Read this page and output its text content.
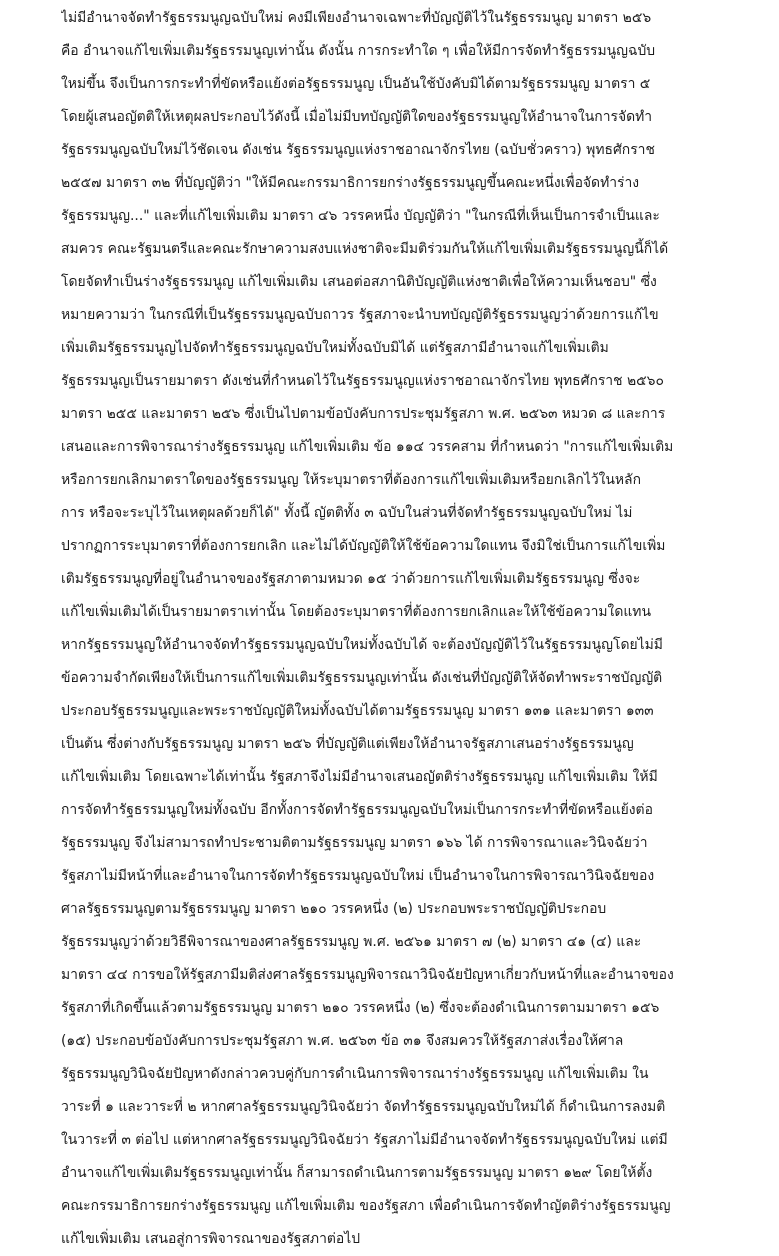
ไม่มีอำนาจจัดทำรัฐธรรมนูญฉบับใหม่ คงมีเพียงอำนาจเฉพาะที่บัญญัติไว้ในรัฐธรรมนูญ มาตรา ๒๕๖
คือ อำนาจแก้ไขเพิ่มเติมรัฐธรรมนูญเท่านั้น ดังนั้น การกระทำใด ๆ เพื่อให้มีการจัดทำรัฐธรรมนูญฉบับ
ใหม่ขึ้น จึงเป็นการกระทำที่ขัดหรือแย้งต่อรัฐธรรมนูญ เป็นอันใช้บังคับมิได้ตามรัฐธรรมนูญ มาตรา ๕
โดยผู้เสนอญัตติให้เหตุผลประกอบไว้ดังนี้ เมื่อไม่มีบทบัญญัติใดของรัฐธรรมนูญให้อำนาจในการจัดทำ
รัฐธรรมนูญฉบับใหม่ไว้ชัดเจน ดังเช่น รัฐธรรมนูญแห่งราชอาณาจักรไทย (ฉบับชั่วคราว) พุทธศักราช
๒๕๕๗ มาตรา ๓๒ ที่บัญญัติว่า "ให้มีคณะกรรมาธิการยกร่างรัฐธรรมนูญขึ้นคณะหนึ่งเพื่อจัดทำร่าง
รัฐธรรมนูญ..." และที่แก้ไขเพิ่มเติม มาตรา ๔๖ วรรคหนึ่ง บัญญัติว่า "ในกรณีที่เห็นเป็นการจำเป็นและ
สมควร คณะรัฐมนตรีและคณะรักษาความสงบแห่งชาติจะมีมติร่วมกันให้แก้ไขเพิ่มเติมรัฐธรรมนูญนี้ก็ได้
โดยจัดทำเป็นร่างรัฐธรรมนูญ แก้ไขเพิ่มเติม เสนอต่อสภานิติบัญญัติแห่งชาติเพื่อให้ความเห็นชอบ" ซึ่ง
หมายความว่า ในกรณีที่เป็นรัฐธรรมนูญฉบับถาวร รัฐสภาจะนำบทบัญญัติรัฐธรรมนูญว่าด้วยการแก้ไข
เพิ่มเติมรัฐธรรมนูญไปจัดทำรัฐธรรมนูญฉบับใหม่ทั้งฉบับมิได้ แต่รัฐสภามีอำนาจแก้ไขเพิ่มเติม
รัฐธรรมนูญเป็นรายมาตรา ดังเช่นที่กำหนดไว้ในรัฐธรรมนูญแห่งราชอาณาจักรไทย พุทธศักราช ๒๕๖๐
มาตรา ๒๕๕ และมาตรา ๒๕๖ ซึ่งเป็นไปตามข้อบังคับการประชุมรัฐสภา พ.ศ. ๒๕๖๓ หมวด ๘ และการ
เสนอและการพิจารณาร่างรัฐธรรมนูญ แก้ไขเพิ่มเติม ข้อ ๑๑๔ วรรคสาม ที่กำหนดว่า "การแก้ไขเพิ่มเติม
หรือการยกเลิกมาตราใดของรัฐธรรมนูญ ให้ระบุมาตราที่ต้องการแก้ไขเพิ่มเติมหรือยกเลิกไว้ในหลัก
การ หรือจะระบุไว้ในเหตุผลด้วยก็ได้" ทั้งนี้ ญัตติทั้ง ๓ ฉบับในส่วนที่จัดทำรัฐธรรมนูญฉบับใหม่ ไม่
ปรากฏการระบุมาตราที่ต้องการยกเลิก และไม่ได้บัญญัติให้ใช้ข้อความใดแทน จึงมิใช่เป็นการแก้ไขเพิ่ม
เติมรัฐธรรมนูญที่อยู่ในอำนาจของรัฐสภาตามหมวด ๑๕ ว่าด้วยการแก้ไขเพิ่มเติมรัฐธรรมนูญ ซึ่งจะ
แก้ไขเพิ่มเติมได้เป็นรายมาตราเท่านั้น โดยต้องระบุมาตราที่ต้องการยกเลิกและให้ใช้ข้อความใดแทน
หากรัฐธรรมนูญให้อำนาจจัดทำรัฐธรรมนูญฉบับใหม่ทั้งฉบับได้ จะต้องบัญญัติไว้ในรัฐธรรมนูญโดยไม่มี
ข้อความจำกัดเพียงให้เป็นการแก้ไขเพิ่มเติมรัฐธรรมนูญเท่านั้น ดังเช่นที่บัญญัติให้จัดทำพระราชบัญญัติ
ประกอบรัฐธรรมนูญและพระราชบัญญัติใหม่ทั้งฉบับได้ตามรัฐธรรมนูญ มาตรา ๑๓๑ และมาตรา ๑๓๓
เป็นต้น ซึ่งต่างกับรัฐธรรมนูญ มาตรา ๒๕๖ ที่บัญญัติแต่เพียงให้อำนาจรัฐสภาเสนอร่างรัฐธรรมนูญ
แก้ไขเพิ่มเติม โดยเฉพาะได้เท่านั้น รัฐสภาจึงไม่มีอำนาจเสนอญัตติร่างรัฐธรรมนูญ แก้ไขเพิ่มเติม ให้มี
การจัดทำรัฐธรรมนูญใหม่ทั้งฉบับ อีกทั้งการจัดทำรัฐธรรมนูญฉบับใหม่เป็นการกระทำที่ขัดหรือแย้งต่อ
รัฐธรรมนูญ จึงไม่สามารถทำประชามติตามรัฐธรรมนูญ มาตรา ๑๖๖ ได้ การพิจารณาและวินิจฉัยว่า
รัฐสภาไม่มีหน้าที่และอำนาจในการจัดทำรัฐธรรมนูญฉบับใหม่ เป็นอำนาจในการพิจารณาวินิจฉัยของ
ศาลรัฐธรรมนูญตามรัฐธรรมนูญ มาตรา ๒๑๐ วรรคหนึ่ง (๒) ประกอบพระราชบัญญัติประกอบ
รัฐธรรมนูญว่าด้วยวิธีพิจารณาของศาลรัฐธรรมนูญ พ.ศ. ๒๕๖๑ มาตรา ๗ (๒) มาตรา ๔๑ (๔) และ
มาตรา ๔๔ การขอให้รัฐสภามีมติส่งศาลรัฐธรรมนูญพิจารณาวินิจฉัยปัญหาเกี่ยวกับหน้าที่และอำนาจของ
รัฐสภาที่เกิดขึ้นแล้วตามรัฐธรรมนูญ มาตรา ๒๑๐ วรรคหนึ่ง (๒) ซึ่งจะต้องดำเนินการตามมาตรา ๑๕๖
(๑๕) ประกอบข้อบังคับการประชุมรัฐสภา พ.ศ. ๒๕๖๓ ข้อ ๓๑ จึงสมควรให้รัฐสภาส่งเรื่องให้ศาล
รัฐธรรมนูญวินิจฉัยปัญหาดังกล่าวควบคู่กับการดำเนินการพิจารณาร่างรัฐธรรมนูญ แก้ไขเพิ่มเติม ใน
วาระที่ ๑ และวาระที่ ๒ หากศาลรัฐธรรมนูญวินิจฉัยว่า จัดทำรัฐธรรมนูญฉบับใหม่ได้ ก็ดำเนินการลงมติ
ในวาระที่ ๓ ต่อไป แต่หากศาลรัฐธรรมนูญวินิจฉัยว่า รัฐสภาไม่มีอำนาจจัดทำรัฐธรรมนูญฉบับใหม่ แต่มี
อำนาจแก้ไขเพิ่มเติมรัฐธรรมนูญเท่านั้น ก็สามารถดำเนินการตามรัฐธรรมนูญ มาตรา ๑๒๙ โดยให้ตั้ง
คณะกรรมาธิการยกร่างรัฐธรรมนูญ แก้ไขเพิ่มเติม ของรัฐสภา เพื่อดำเนินการจัดทำญัตติร่างรัฐธรรมนูญ
แก้ไขเพิ่มเติม เสนอสู่การพิจารณาของรัฐสภาต่อไป
